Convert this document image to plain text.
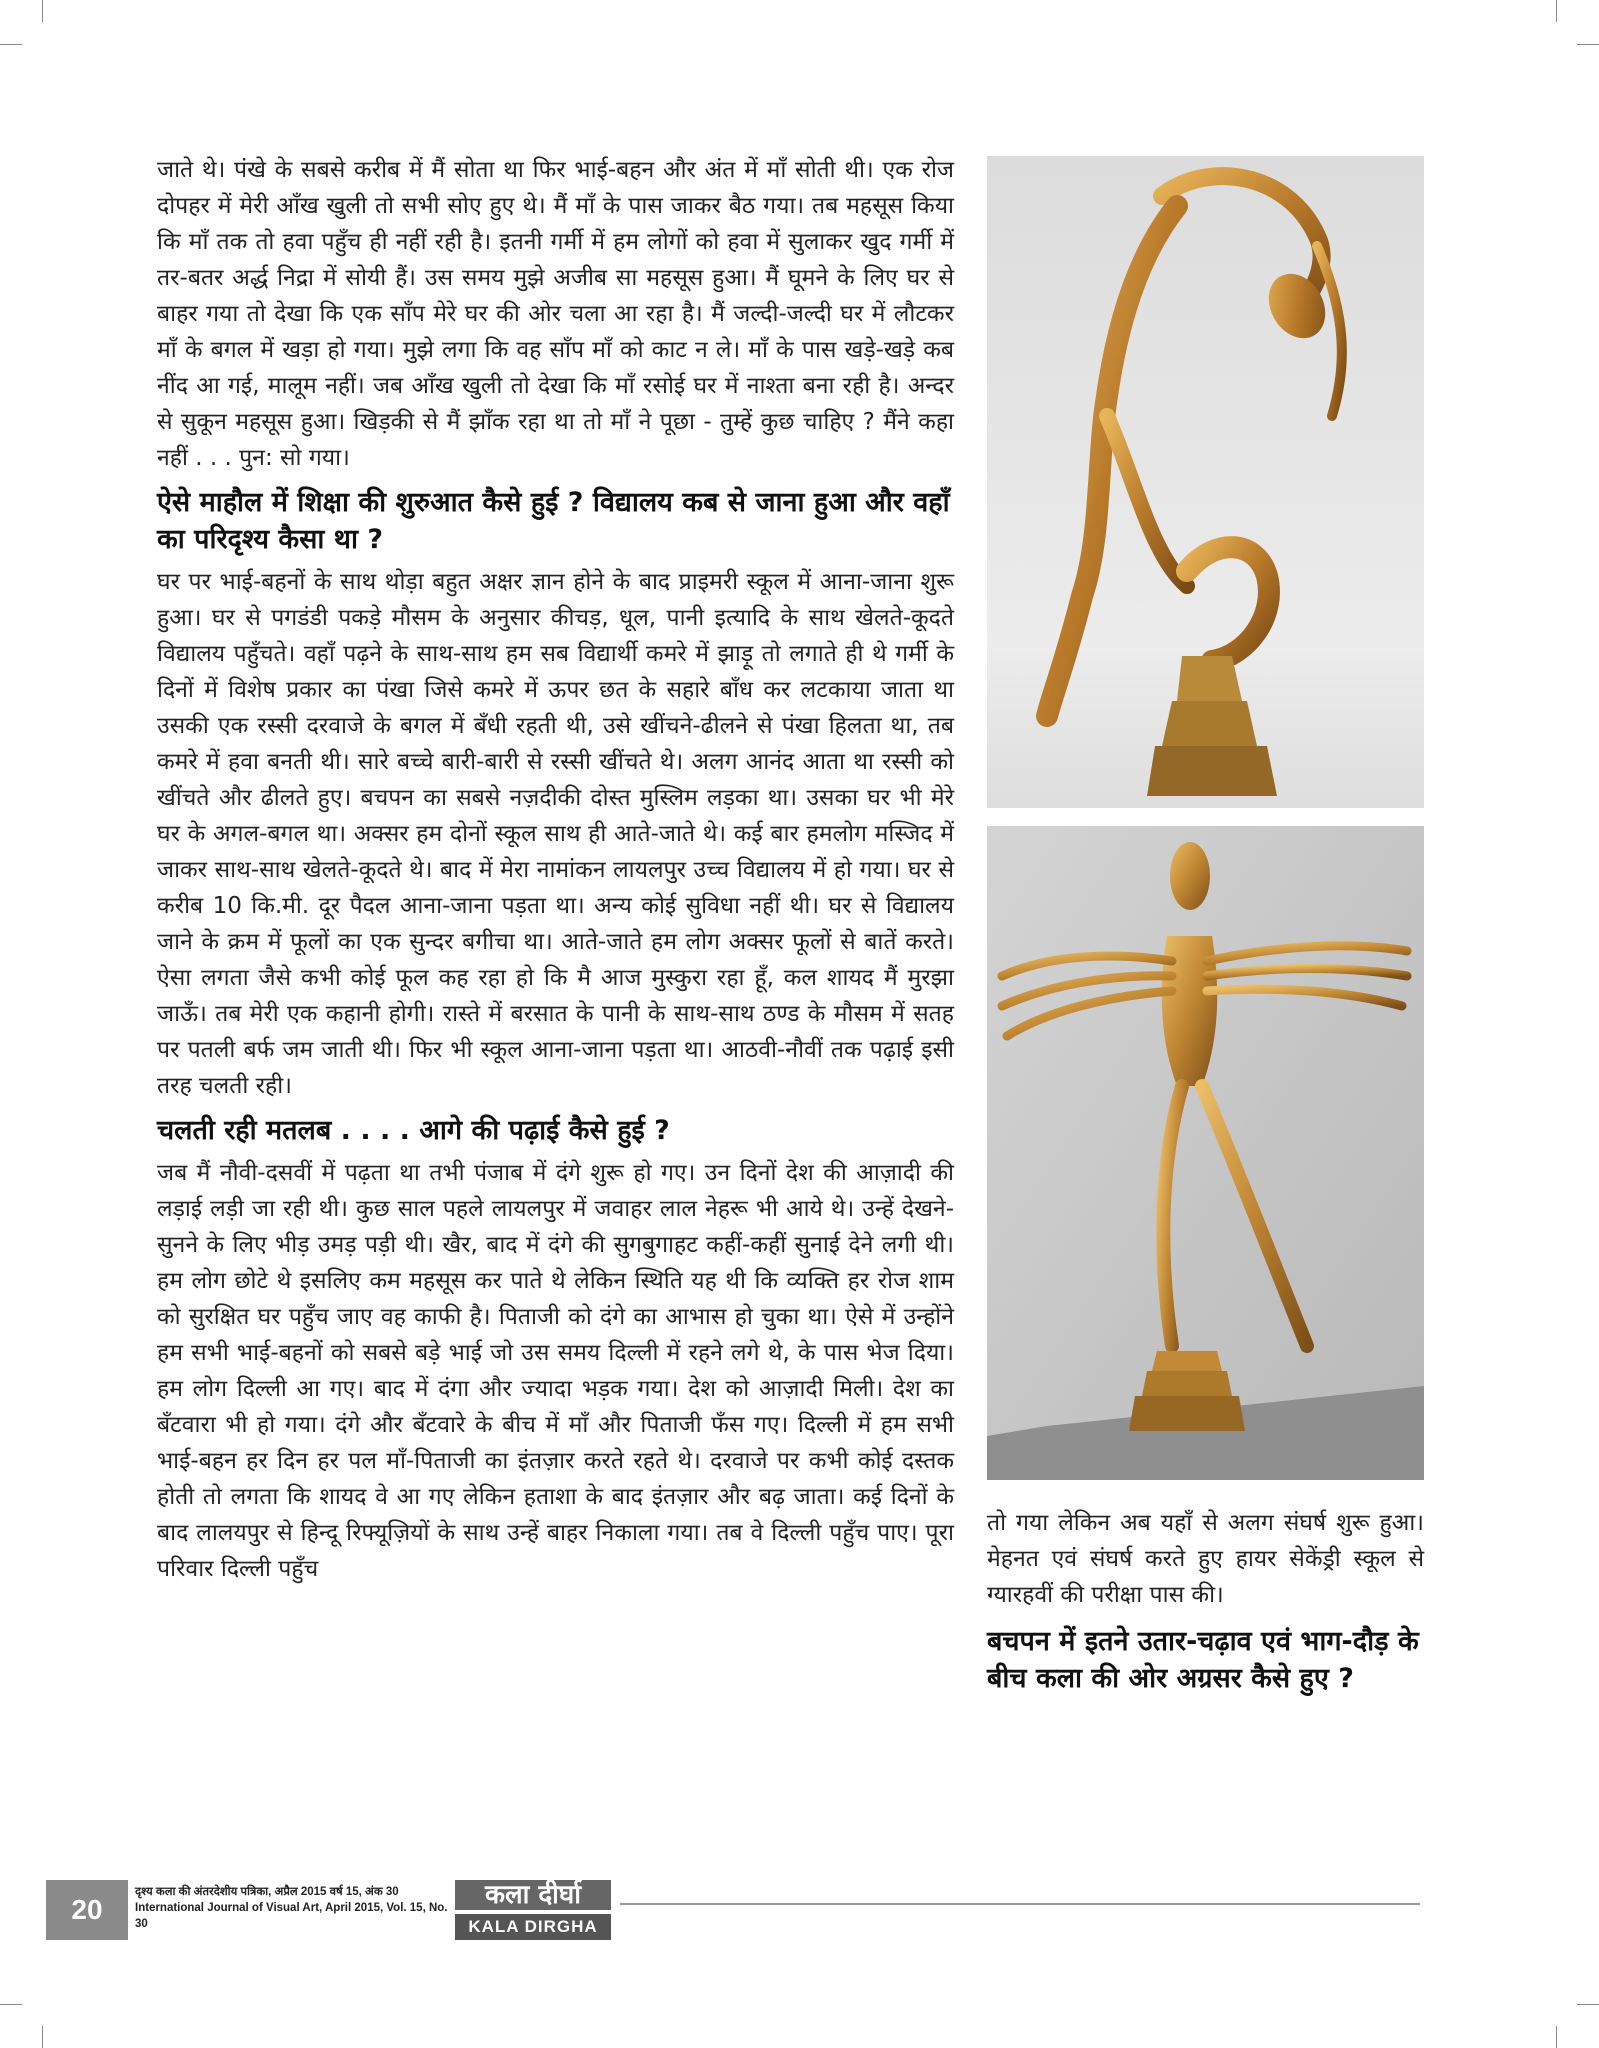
जाते थे। पंखे के सबसे करीब में मैं सोता था फिर भाई-बहन और अंत में माँ सोती थी। एक रोज दोपहर में मेरी आँख खुली तो सभी सोए हुए थे। मैं माँ के पास जाकर बैठ गया। तब महसूस किया कि माँ तक तो हवा पहुँच ही नहीं रही है। इतनी गर्मी में हम लोगों को हवा में सुलाकर खुद गर्मी में तर-बतर अर्द्ध निद्रा में सोयी हैं। उस समय मुझे अजीब सा महसूस हुआ। मैं घूमने के लिए घर से बाहर गया तो देखा कि एक साँप मेरे घर की ओर चला आ रहा है। मैं जल्दी-जल्दी घर में लौटकर माँ के बगल में खड़ा हो गया। मुझे लगा कि वह साँप माँ को काट न ले। माँ के पास खड़े-खड़े कब नींद आ गई, मालूम नहीं। जब आँख खुली तो देखा कि माँ रसोई घर में नाश्ता बना रही है। अन्दर से सुकून महसूस हुआ। खिड़की से मैं झाँक रहा था तो माँ ने पूछा - तुम्हें कुछ चाहिए ? मैंने कहा नहीं . . . पुन: सो गया।

ऐसे माहौल में शिक्षा की शुरुआत कैसे हुई ? विद्यालय कब से जाना हुआ और वहाँ का परिदृश्य कैसा था ?

घर पर भाई-बहनों के साथ थोड़ा बहुत अक्षर ज्ञान होने के बाद प्राइमरी स्कूल में आना-जाना शुरू हुआ। घर से पगडंडी पकड़े मौसम के अनुसार कीचड़, धूल, पानी इत्यादि के साथ खेलते-कूदते विद्यालय पहुँचते। वहाँ पढ़ने के साथ-साथ हम सब विद्यार्थी कमरे में झाड़ू तो लगाते ही थे गर्मी के दिनों में विशेष प्रकार का पंखा जिसे कमरे में ऊपर छत के सहारे बाँध कर लटकाया जाता था उसकी एक रस्सी दरवाजे के बगल में बँधी रहती थी, उसे खींचने-ढीलने से पंखा हिलता था, तब कमरे में हवा बनती थी। सारे बच्चे बारी-बारी से रस्सी खींचते थे। अलग आनंद आता था रस्सी को खींचते और ढीलते हुए। बचपन का सबसे नज़दीकी दोस्त मुस्लिम लड़का था। उसका घर भी मेरे घर के अगल-बगल था। अक्सर हम दोनों स्कूल साथ ही आते-जाते थे। कई बार हमलोग मस्जिद में जाकर साथ-साथ खेलते-कूदते थे। बाद में मेरा नामांकन लायलपुर उच्च विद्यालय में हो गया। घर से करीब 10 कि.मी. दूर पैदल आना-जाना पड़ता था। अन्य कोई सुविधा नहीं थी। घर से विद्यालय जाने के क्रम में फूलों का एक सुन्दर बगीचा था। आते-जाते हम लोग अक्सर फूलों से बातें करते। ऐसा लगता जैसे कभी कोई फूल कह रहा हो कि मै आज मुस्कुरा रहा हूँ, कल शायद मैं मुरझा जाऊँ। तब मेरी एक कहानी होगी। रास्ते में बरसात के पानी के साथ-साथ ठण्ड के मौसम में सतह पर पतली बर्फ जम जाती थी। फिर भी स्कूल आना-जाना पड़ता था। आठवी-नौवीं तक पढ़ाई इसी तरह चलती रही।

चलती रही मतलब . . . . आगे की पढ़ाई कैसे हुई ?

जब मैं नौवी-दसवीं में पढ़ता था तभी पंजाब में दंगे शुरू हो गए। उन दिनों देश की आज़ादी की लड़ाई लड़ी जा रही थी। कुछ साल पहले लायलपुर में जवाहर लाल नेहरू भी आये थे। उन्हें देखने-सुनने के लिए भीड़ उमड़ पड़ी थी। खैर, बाद में दंगे की सुगबुगाहट कहीं-कहीं सुनाई देने लगी थी। हम लोग छोटे थे इसलिए कम महसूस कर पाते थे लेकिन स्थिति यह थी कि व्यक्ति हर रोज शाम को सुरक्षित घर पहुँच जाए वह काफी है। पिताजी को दंगे का आभास हो चुका था। ऐसे में उन्होंने हम सभी भाई-बहनों को सबसे बड़े भाई जो उस समय दिल्ली में रहने लगे थे, के पास भेज दिया। हम लोग दिल्ली आ गए। बाद में दंगा और ज्यादा भड़क गया। देश को आज़ादी मिली। देश का बँटवारा भी हो गया। दंगे और बँटवारे के बीच में माँ और पिताजी फँस गए। दिल्ली में हम सभी भाई-बहन हर दिन हर पल माँ-पिताजी का इंतज़ार करते रहते थे। दरवाजे पर कभी कोई दस्तक होती तो लगता कि शायद वे आ गए लेकिन हताशा के बाद इंतज़ार और बढ़ जाता। कई दिनों के बाद लालयपुर से हिन्दू रिफ्यूज़ियों के साथ उन्हें बाहर निकाला गया। तब वे दिल्ली पहुँच पाए। पूरा परिवार दिल्ली पहुँच

तो गया लेकिन अब यहाँ से अलग संघर्ष शुरू हुआ। मेहनत एवं संघर्ष करते हुए हायर सेकेंड्री स्कूल से ग्यारहवीं की परीक्षा पास की।

बचपन में इतने उतार-चढ़ाव एवं भाग-दौड़ के बीच कला की ओर अग्रसर कैसे हुए ?
20
दृश्य कला की अंतरदेशीय पत्रिका, अप्रैल 2015 वर्ष 15, अंक 30
International Journal of Visual Art, April 2015, Vol. 15, No. 30
कला दीर्घा
KALA DIRGHA
